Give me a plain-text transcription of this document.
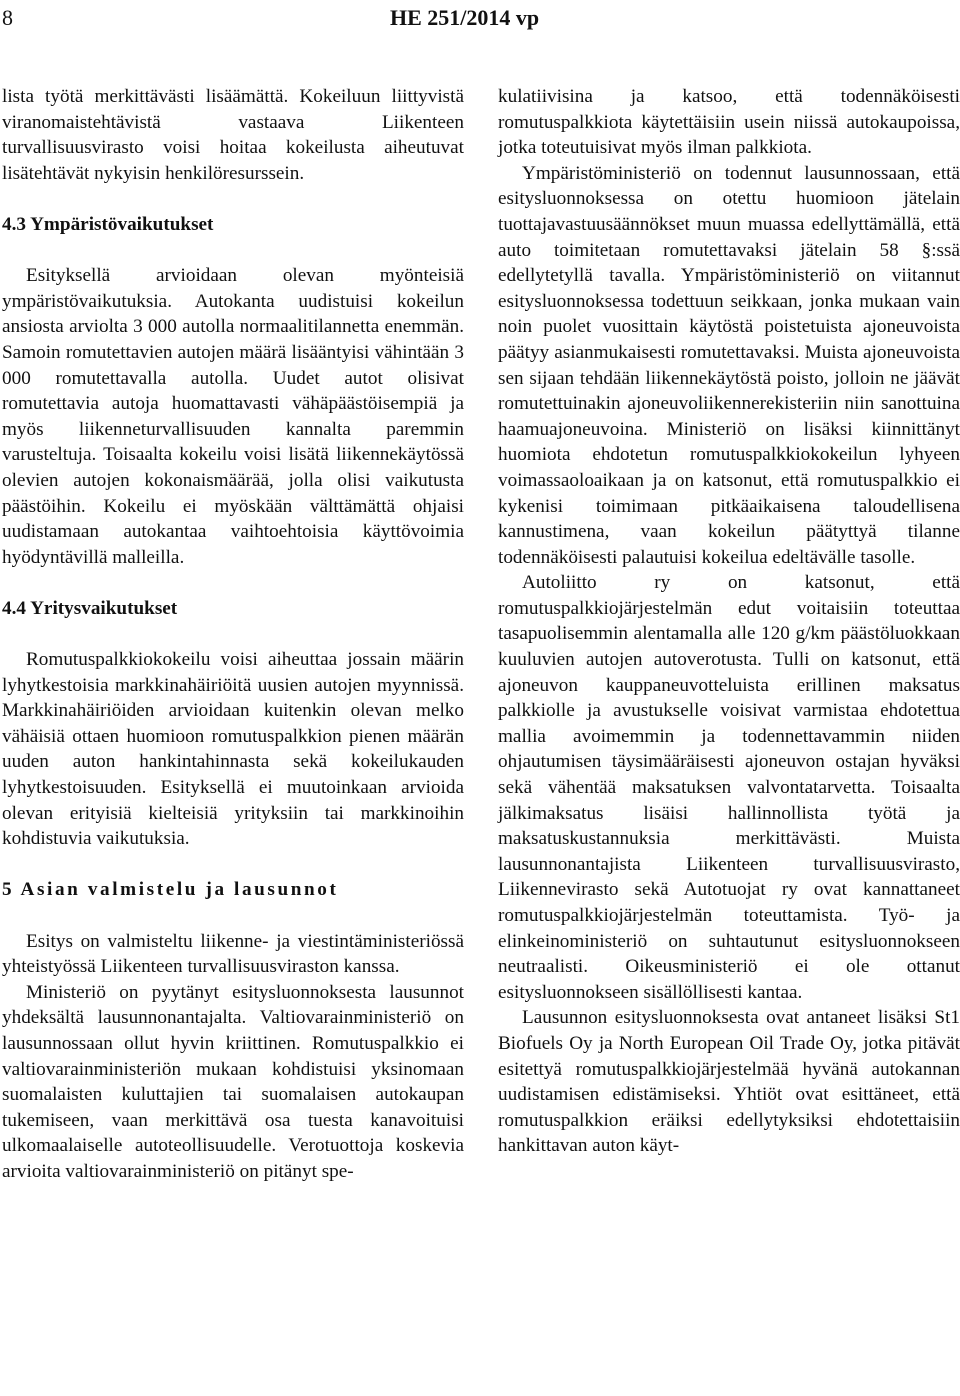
8	HE 251/2014 vp

lista työtä merkittävästi lisäämättä. Kokeiluun liittyvistä viranomaistehtävistä vastaava Liikenteen turvallisuusvirasto voisi hoitaa kokeilusta aiheutuvat lisätehtävät nykyisin henkilöresurssein.

4.3 Ympäristövaikutukset

Esityksellä arvioidaan olevan myönteisiä ympäristövaikutuksia. Autokanta uudistuisi kokeilun ansiosta arviolta 3 000 autolla normaalitilannetta enemmän. Samoin romutettavien autojen määrä lisääntyisi vähintään 3 000 romutettavalla autolla. Uudet autot olisivat romutettavia autoja huomattavasti vähäpäästöisempiä ja myös liikenneturvallisuuden kannalta paremmin varusteltuja. Toisaalta kokeilu voisi lisätä liikennekäytössä olevien autojen kokonaismäärää, jolla olisi vaikutusta päästöihin. Kokeilu ei myöskään välttämättä ohjaisi uudistamaan autokantaa vaihtoehtoisia käyttövoimia hyödyntävillä malleilla.

4.4 Yritysvaikutukset

Romutuspalkkiokokeilu voisi aiheuttaa jossain määrin lyhytkestoisia markkinahäiriöitä uusien autojen myynnissä. Markkinahäiriöiden arvioidaan kuitenkin olevan melko vähäisiä ottaen huomioon romutuspalkkion pienen määrän uuden auton hankintahinnasta sekä kokeilukauden lyhytkestoisuuden. Esityksellä ei muutoinkaan arvioida olevan erityisiä kielteisiä yrityksiin tai markkinoihin kohdistuvia vaikutuksia.

5 Asian valmistelu ja lausunnot

Esitys on valmisteltu liikenne- ja viestintäministeriössä yhteistyössä Liikenteen turvallisuusviraston kanssa.

Ministeriö on pyytänyt esitysluonnoksesta lausunnot yhdeksältä lausunnonantajalta. Valtiovarainministeriö on lausunnossaan ollut hyvin kriittinen. Romutuspalkkio ei valtiovarainministeriön mukaan kohdistuisi yksinomaan suomalaisten kuluttajien tai suomalaisen autokaupan tukemiseen, vaan merkittävä osa tuesta kanavoituisi ulkomaalaiselle autoteollisuudelle. Verotuottoja koskevia arvioita valtiovarainministeriö on pitänyt spe-

kulatiivisina ja katsoo, että todennäköisesti romutuspalkkiota käytettäisiin usein niissä autokaupoissa, jotka toteutuisivat myös ilman palkkiota.

Ympäristöministeriö on todennut lausunnossaan, että esitysluonnoksessa on otettu huomioon jätelain tuottajavastuusäännökset muun muassa edellyttämällä, että auto toimitetaan romutettavaksi jätelain 58 §:ssä edellytetyllä tavalla. Ympäristöministeriö on viitannut esitysluonnoksessa todettuun seikkaan, jonka mukaan vain noin puolet vuosittain käytöstä poistetuista ajoneuvoista päätyy asianmukaisesti romutettavaksi. Muista ajoneuvoista sen sijaan tehdään liikennekäytöstä poisto, jolloin ne jäävät romutettuinakin ajoneuvoliikennerekisteriin niin sanottuina haamuajoneuvoina. Ministeriö on lisäksi kiinnittänyt huomiota ehdotetun romutuspalkkiokokeilun lyhyeen voimassaoloaikaan ja on katsonut, että romutuspalkkio ei kykenisi toimimaan pitkäaikaisena taloudellisena kannustimena, vaan kokeilun päätyttyä tilanne todennäköisesti palautuisi kokeilua edeltävälle tasolle.

Autoliitto ry on katsonut, että romutuspalkkiojärjestelmän edut voitaisiin toteuttaa tasapuolisemmin alentamalla alle 120 g/km päästöluokkaan kuuluvien autojen autoverotusta. Tulli on katsonut, että ajoneuvon kauppaneuvotteluista erillinen maksatus palkkiolle ja avustukselle voisivat varmistaa ehdotettua mallia avoimemmin ja todennettavammin niiden ohjautumisen täysimääräisesti ajoneuvon ostajan hyväksi sekä vähentää maksatuksen valvontatarvetta. Toisaalta jälkimaksatus lisäisi hallinnollista työtä ja maksatuskustannuksia merkittävästi. Muista lausunnonantajista Liikenteen turvallisuusvirasto, Liikennevirasto sekä Autotuojat ry ovat kannattaneet romutuspalkkiojärjestelmän toteuttamista. Työ- ja elinkeinoministeriö on suhtautunut esitysluonnokseen neutraalisti. Oikeusministeriö ei ole ottanut esitysluonnokseen sisällöllisesti kantaa.

Lausunnon esitysluonnoksesta ovat antaneet lisäksi St1 Biofuels Oy ja North European Oil Trade Oy, jotka pitävät esitettyä romutuspalkkiojärjestelmää hyvänä autokannan uudistamisen edistämiseksi. Yhtiöt ovat esittäneet, että romutuspalkkion eräiksi edellytyksiksi ehdotettaisiin hankittavan auton käyt-
